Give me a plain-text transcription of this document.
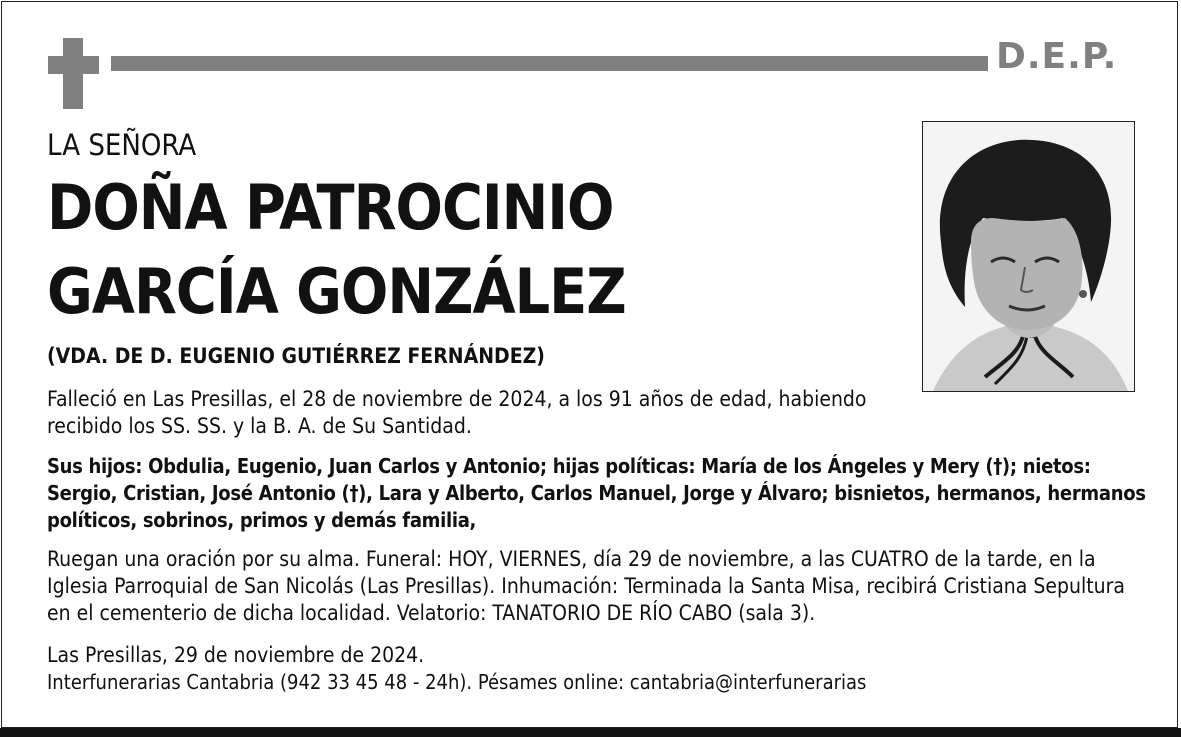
D.E.P.
LA SEÑORA
DOÑA PATROCINIO
GARCÍA GONZÁLEZ
(VDA. DE D. EUGENIO GUTIÉRREZ FERNÁNDEZ)
Falleció en Las Presillas, el 28 de noviembre de 2024, a los 91 años de edad, habiendo recibido los SS. SS. y la B. A. de Su Santidad.
Sus hijos: Obdulia, Eugenio, Juan Carlos y Antonio; hijas políticas: María de los Ángeles y Mery (†); nietos: Sergio, Cristian, José Antonio (†), Lara y Alberto, Carlos Manuel, Jorge y Álvaro; bisnietos, hermanos, hermanos políticos, sobrinos, primos y demás familia,
Ruegan una oración por su alma. Funeral: HOY, VIERNES, día 29 de noviembre, a las CUATRO de la tarde, en la Iglesia Parroquial de San Nicolás (Las Presillas). Inhumación: Terminada la Santa Misa, recibirá Cristiana Sepultura en el cementerio de dicha localidad. Velatorio: TANATORIO DE RÍO CABO (sala 3).
Las Presillas, 29 de noviembre de 2024.
Interfunerarias Cantabria (942 33 45 48 - 24h). Pésames online: cantabria@interfunerarias
